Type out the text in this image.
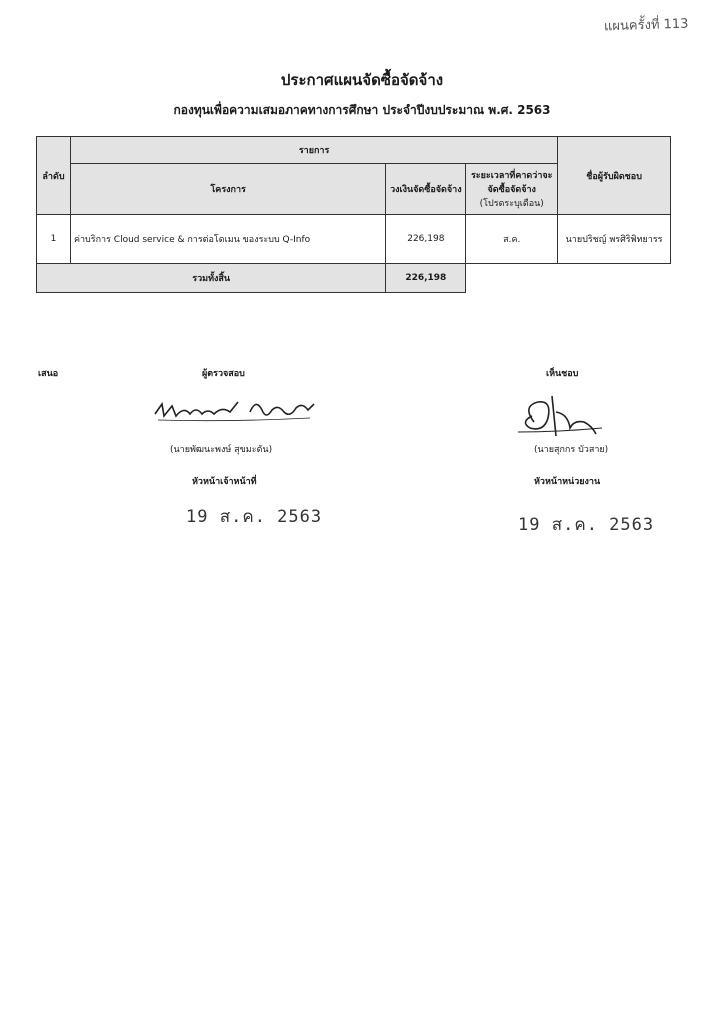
แผนครั้งที่ 113
ประกาศแผนจัดซื้อจัดจ้าง
กองทุนเพื่อความเสมอภาคทางการศึกษา ประจำปีงบประมาณ พ.ศ. 2563
ลำดับ	รายการ			ชื่อผู้รับผิดชอบ
	โครงการ	วงเงินจัดซื้อจัดจ้าง	ระยะเวลาที่คาดว่าจะจัดซื้อจัดจ้าง
(โปรดระบุเดือน)	

1	ค่าบริการ Cloud service & การต่อโดเมน ของระบบ Q-Info	226,198	ส.ค.	นายปริชญ์ พรศิริพิทยารร
รวมทั้งสิ้น		226,198		
เสนอ	ผู้ตรวจสอบ	เห็นชอบ
(นายพัฒนะพงษ์ สุขมะดัน)	(นายสุกกร บัวสาย)
หัวหน้าเจ้าหน้าที่	หัวหน้าหน่วยงาน
19 ส.ค. 2563	19 ส.ค. 2563
